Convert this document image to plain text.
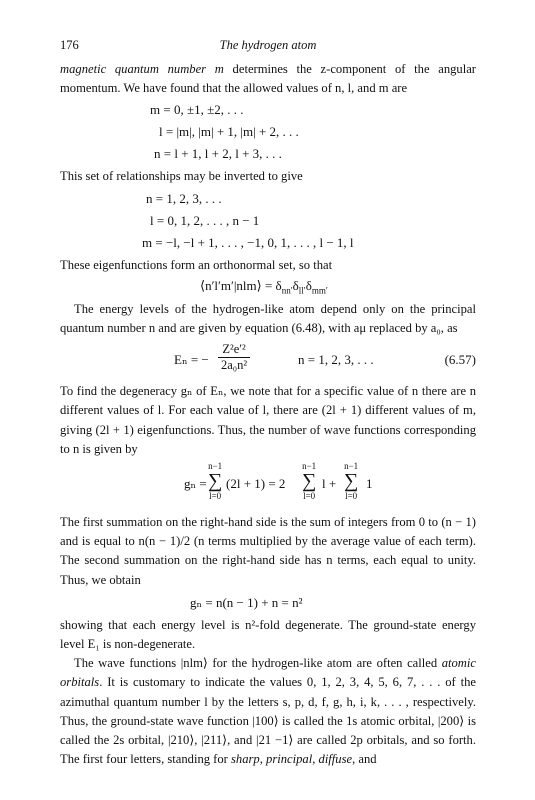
176	The hydrogen atom

magnetic quantum number m determines the z-component of the angular momentum. We have found that the allowed values of n, l, and m are

m = 0, ±1, ±2, . . .
l = |m|, |m| + 1, |m| + 2, . . .
n = l + 1, l + 2, l + 3, . . .

This set of relationships may be inverted to give

n = 1, 2, 3, . . .
l = 0, 1, 2, . . . , n − 1
m = −l, −l + 1, . . . , −1, 0, 1, . . . , l − 1, l

These eigenfunctions form an orthonormal set, so that

⟨n′l′m′|nlm⟩ = $\delta_{nn'}\delta_{ll'}\delta_{mm'}$

The energy levels of the hydrogen-like atom depend only on the principal quantum number n and are given by equation (6.48), with aμ replaced by a₀, as

Eₙ = − $\frac{\text{Z²e′²}}{\text{2a₀n²}}$	n = 1, 2, 3, . . .	(6.57)

To find the degeneracy gₙ of Eₙ, we note that for a specific value of n there are n different values of l. For each value of l, there are (2l + 1) different values of m, giving (2l + 1) eigenfunctions. Thus, the number of wave functions corresponding to n is given by

gₙ =
n−1
∑
l=0
(2l + 1) = 2
n−1
∑
l=0
l +
n−1
∑
l=0
1

The first summation on the right-hand side is the sum of integers from 0 to (n − 1) and is equal to n(n − 1)/2 (n terms multiplied by the average value of each term). The second summation on the right-hand side has n terms, each equal to unity. Thus, we obtain

gₙ = n(n − 1) + n = n²

showing that each energy level is n²-fold degenerate. The ground-state energy level E₁ is non-degenerate.

The wave functions |nlm⟩ for the hydrogen-like atom are often called atomic orbitals. It is customary to indicate the values 0, 1, 2, 3, 4, 5, 6, 7, . . . of the azimuthal quantum number l by the letters s, p, d, f, g, h, i, k, . . . , respectively. Thus, the ground-state wave function |100⟩ is called the 1s atomic orbital, |200⟩ is called the 2s orbital, |210⟩, |211⟩, and |21 −1⟩ are called 2p orbitals, and so forth. The first four letters, standing for sharp, principal, diffuse, and
